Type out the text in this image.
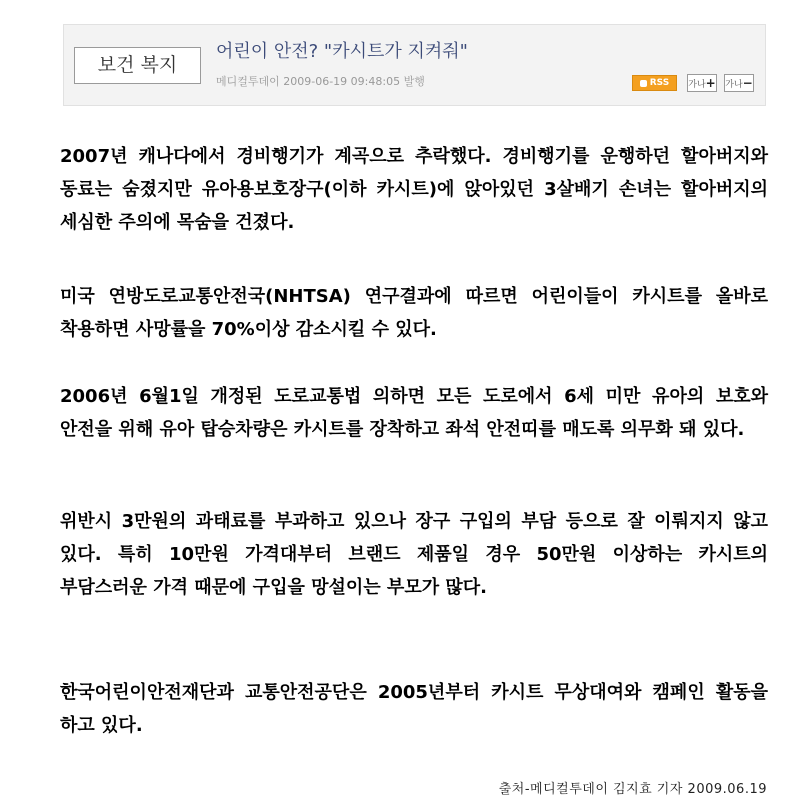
보건 복지
어린이 안전? "카시트가 지켜줘"
메디컬투데이 2009-06-19 09:48:05 발행	RSS 가나+ 가나−

2007년 캐나다에서 경비행기가 계곡으로 추락했다. 경비행기를 운행하던 할아버지와 동료는 숨졌지만 유아용보호장구(이하 카시트)에 앉아있던 3살배기 손녀는 할아버지의 세심한 주의에 목숨을 건졌다.

미국 연방도로교통안전국(NHTSA) 연구결과에 따르면 어린이들이 카시트를 올바로 착용하면 사망률을 70%이상 감소시킬 수 있다.

2006년 6월1일 개정된 도로교통법 의하면 모든 도로에서 6세 미만 유아의 보호와 안전을 위해 유아 탑승차량은 카시트를 장착하고 좌석 안전띠를 매도록 의무화 돼 있다.

위반시 3만원의 과태료를 부과하고 있으나 장구 구입의 부담 등으로 잘 이뤄지지 않고 있다. 특히 10만원 가격대부터 브랜드 제품일 경우 50만원 이상하는 카시트의 부담스러운 가격 때문에 구입을 망설이는 부모가 많다.

한국어린이안전재단과 교통안전공단은 2005년부터 카시트 무상대여와 캠페인 활동을 하고 있다.

출처-메디컬투데이 김지효 기자 2009.06.19
